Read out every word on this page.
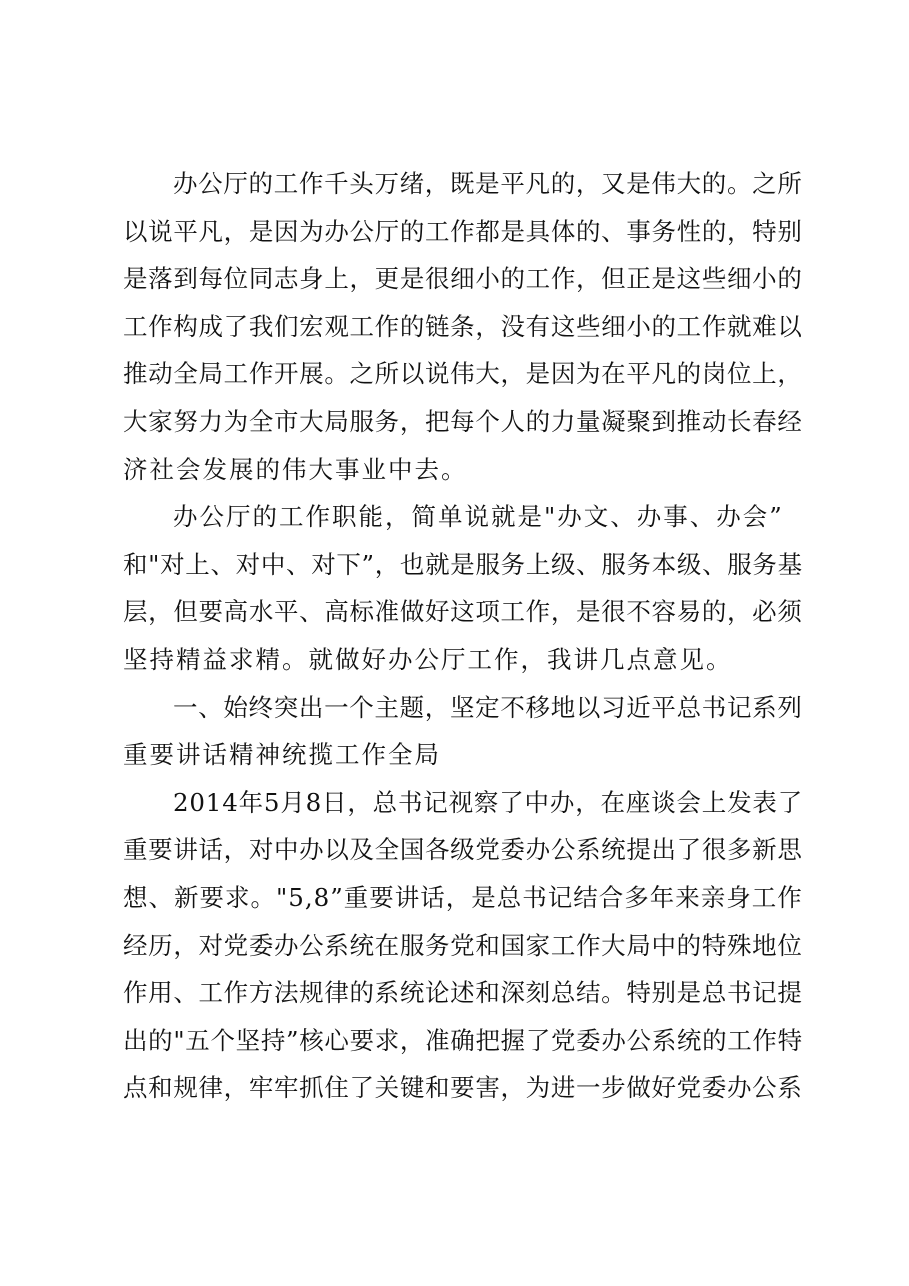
办公厅的工作千头万绪，既是平凡的，又是伟大的。之所
以说平凡，是因为办公厅的工作都是具体的、事务性的，特别
是落到每位同志身上，更是很细小的工作，但正是这些细小的
工作构成了我们宏观工作的链条，没有这些细小的工作就难以
推动全局工作开展。之所以说伟大，是因为在平凡的岗位上，
大家努力为全市大局服务，把每个人的力量凝聚到推动长春经
济社会发展的伟大事业中去。
办公厅的工作职能，简单说就是"办文、办事、办会”
和"对上、对中、对下”，也就是服务上级、服务本级、服务基
层，但要高水平、高标准做好这项工作，是很不容易的，必须
坚持精益求精。就做好办公厅工作，我讲几点意见。
一、始终突出一个主题，坚定不移地以习近平总书记系列
重要讲话精神统揽工作全局
2014年5月8日，总书记视察了中办，在座谈会上发表了
重要讲话，对中办以及全国各级党委办公系统提出了很多新思
想、新要求。"5,8”重要讲话，是总书记结合多年来亲身工作
经历，对党委办公系统在服务党和国家工作大局中的特殊地位
作用、工作方法规律的系统论述和深刻总结。特别是总书记提
出的"五个坚持”核心要求，准确把握了党委办公系统的工作特
点和规律，牢牢抓住了关键和要害，为进一步做好党委办公系
